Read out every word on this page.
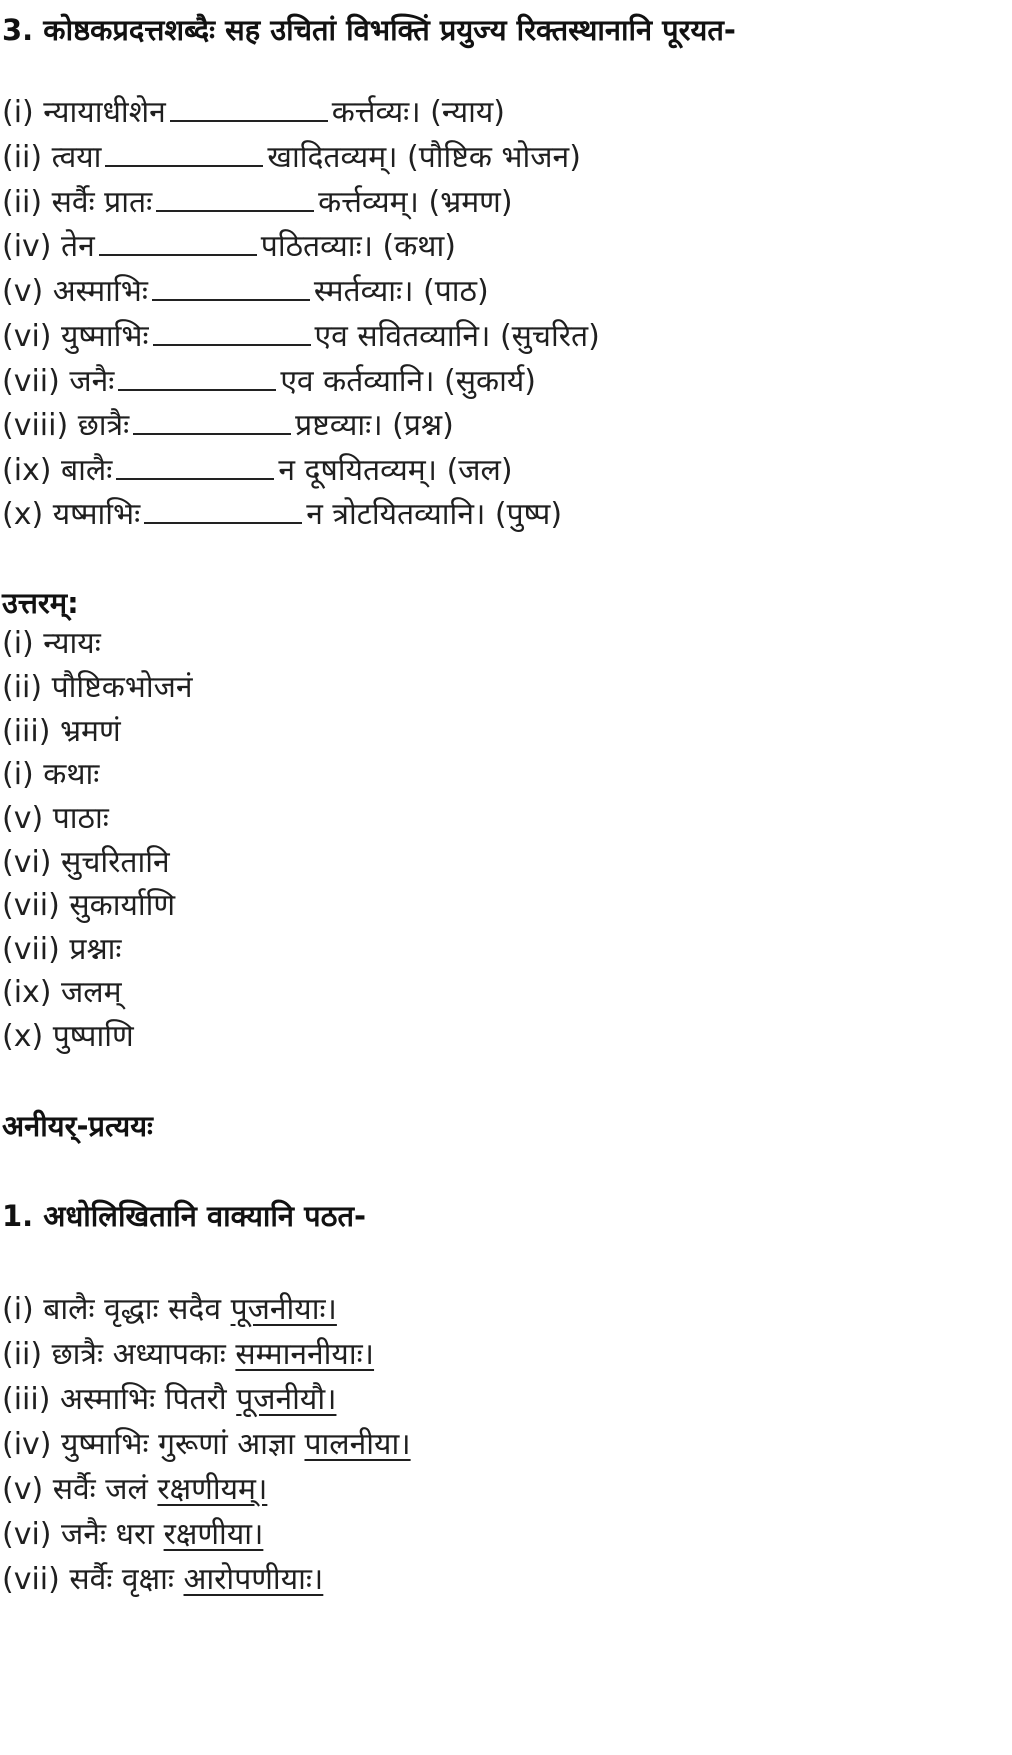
3. कोष्ठकप्रदत्तशब्दैः सह उचितां विभक्तिं प्रयुज्य रिक्तस्थानानि पूरयत-
(i) न्यायाधीशेन	कर्त्तव्यः। (न्याय)
(ii) त्वया	खादितव्यम्। (पौष्टिक भोजन)
(ii) सर्वैः प्रातः	कर्त्तव्यम्। (भ्रमण)
(iv) तेन	पठितव्याः। (कथा)
(v) अस्माभिः	स्मर्तव्याः। (पाठ)
(vi) युष्माभिः	एव सवितव्यानि। (सुचरित)
(vii) जनैः	एव कर्तव्यानि। (सुकार्य)
(viii) छात्रैः	प्रष्टव्याः। (प्रश्न)
(ix) बालैः	न दूषयितव्यम्। (जल)
(x) यष्माभिः	न त्रोटयितव्यानि। (पुष्प)
उत्तरम्:
(i) न्यायः
(ii) पौष्टिकभोजनं
(iii) भ्रमणं
(i) कथाः
(v) पाठाः
(vi) सुचरितानि
(vii) सुकार्याणि
(vii) प्रश्नाः
(ix) जलम्
(x) पुष्पाणि
अनीयर्-प्रत्ययः
1. अधोलिखितानि वाक्यानि पठत-
(i) बालैः वृद्धाः सदैव पूजनीयाः।
(ii) छात्रैः अध्यापकाः सम्माननीयाः।
(iii) अस्माभिः पितरौ पूजनीयौ।
(iv) युष्माभिः गुरूणां आज्ञा पालनीया।
(v) सर्वैः जलं रक्षणीयम्।
(vi) जनैः धरा रक्षणीया।
(vii) सर्वैः वृक्षाः आरोपणीयाः।
